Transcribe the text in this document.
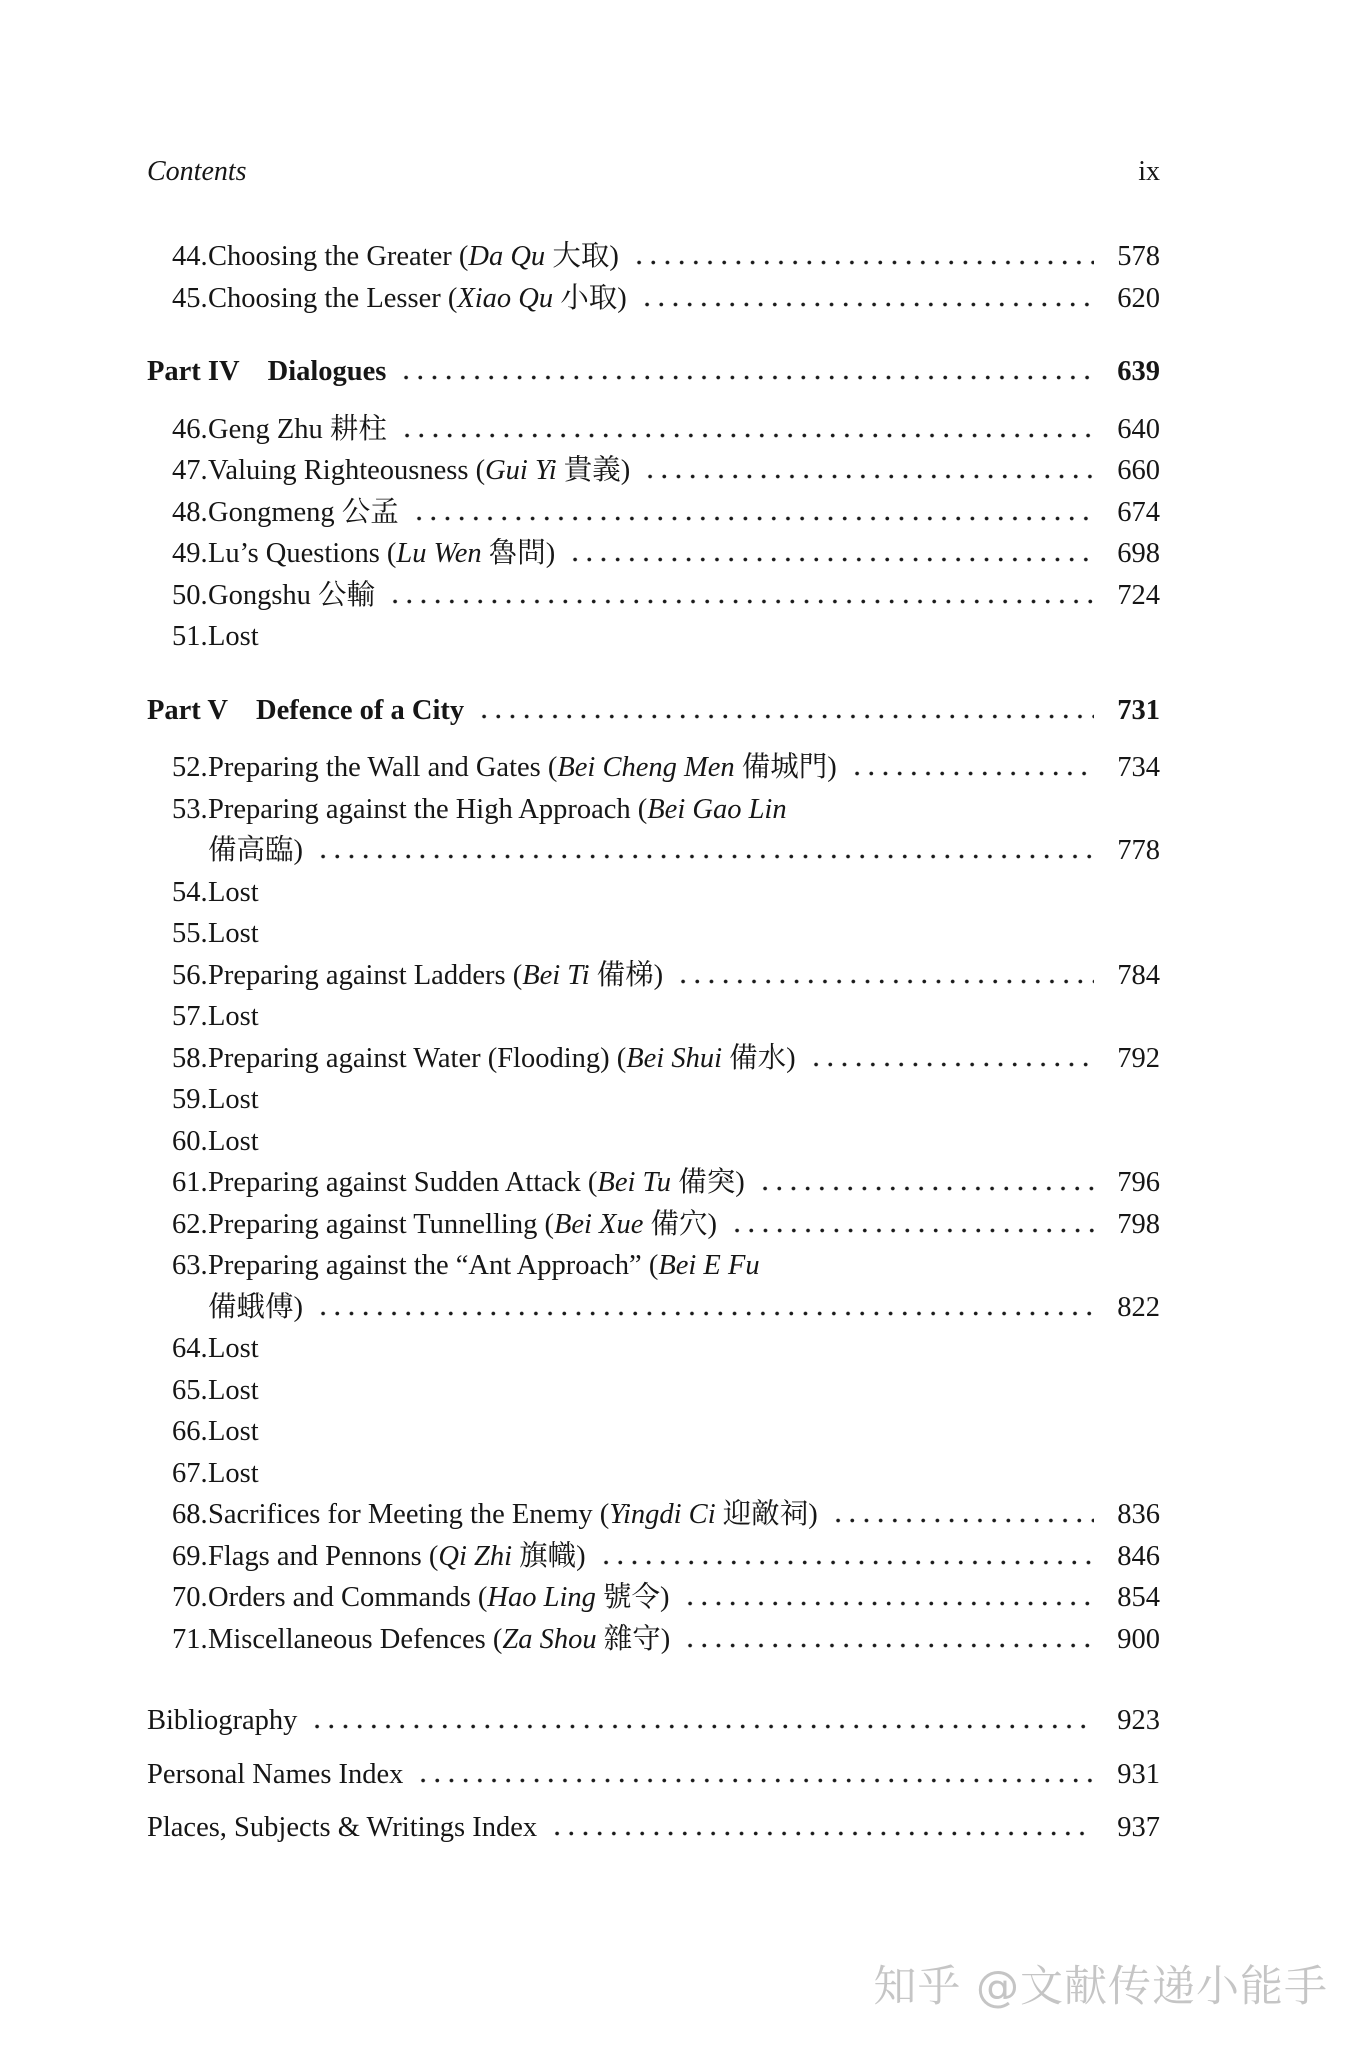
Contents	ix
44. Choosing the Greater (Da Qu 大取)	578
45. Choosing the Lesser (Xiao Qu 小取)	620
Part IV Dialogues	639
46. Geng Zhu 耕柱	640
47. Valuing Righteousness (Gui Yi 貴義)	660
48. Gongmeng 公孟	674
49. Lu’s Questions (Lu Wen 魯問)	698
50. Gongshu 公輸	724
51. Lost
Part V Defence of a City	731
52. Preparing the Wall and Gates (Bei Cheng Men 備城門)	734
53. Preparing against the High Approach (Bei Gao Lin
備高臨)	778
54. Lost
55. Lost
56. Preparing against Ladders (Bei Ti 備梯)	784
57. Lost
58. Preparing against Water (Flooding) (Bei Shui 備水)	792
59. Lost
60. Lost
61. Preparing against Sudden Attack (Bei Tu 備突)	796
62. Preparing against Tunnelling (Bei Xue 備穴)	798
63. Preparing against the “Ant Approach” (Bei E Fu
備蛾傅)	822
64. Lost
65. Lost
66. Lost
67. Lost
68. Sacrifices for Meeting the Enemy (Yingdi Ci 迎敵祠)	836
69. Flags and Pennons (Qi Zhi 旗幟)	846
70. Orders and Commands (Hao Ling 號令)	854
71. Miscellaneous Defences (Za Shou 雜守)	900
Bibliography	923
Personal Names Index	931
Places, Subjects & Writings Index	937
知乎 @文献传递小能手
